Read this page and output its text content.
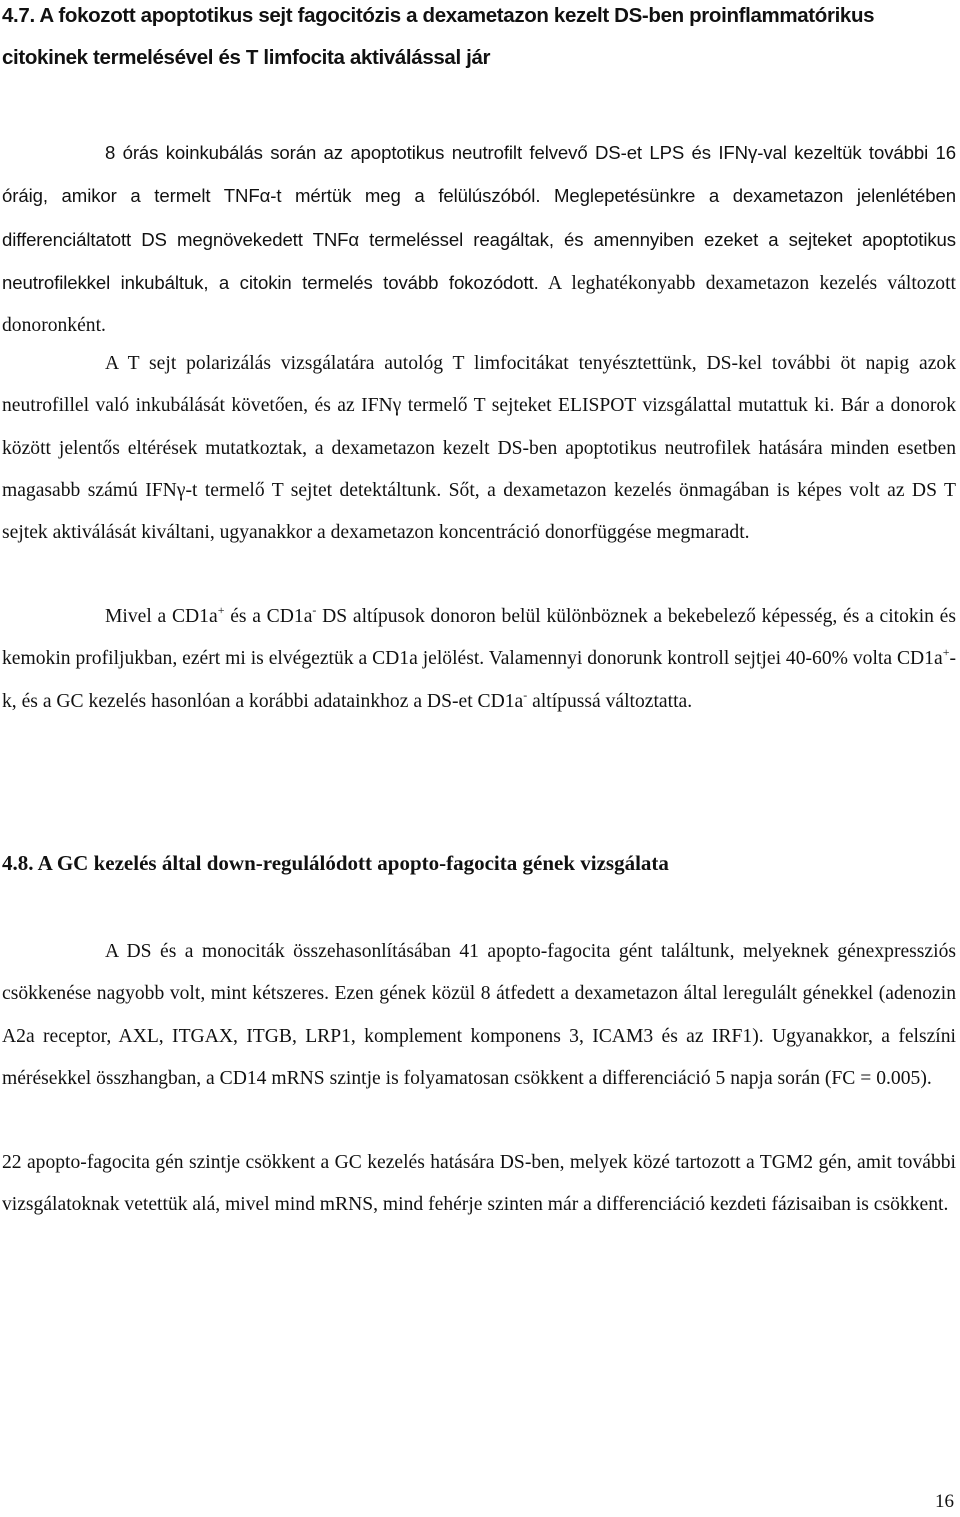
4.7. A fokozott apoptotikus sejt fagocitózis a dexametazon kezelt DS-ben proinflammatórikus
citokinek termelésével és T limfocita aktiválással jár

8 órás koinkubálás során az apoptotikus neutrofilt felvevő DS-et LPS és IFNγ-val kezeltük további 16 óráig, amikor a termelt TNFα-t mértük meg a felülúszóból. Meglepetésünkre a dexametazon jelenlétében differenciáltatott DS megnövekedett TNFα termeléssel reagáltak, és amennyiben ezeket a sejteket apoptotikus neutrofilekkel inkubáltuk, a citokin termelés tovább fokozódott. A leghatékonyabb dexametazon kezelés változott donoronként.

A T sejt polarizálás vizsgálatára autológ T limfocitákat tenyésztettünk, DS-kel további öt napig azok neutrofillel való inkubálását követően, és az IFNγ termelő T sejteket ELISPOT vizsgálattal mutattuk ki. Bár a donorok között jelentős eltérések mutatkoztak, a dexametazon kezelt DS-ben apoptotikus neutrofilek hatására minden esetben magasabb számú IFNγ-t termelő T sejtet detektáltunk. Sőt, a dexametazon kezelés önmagában is képes volt az DS T sejtek aktiválását kiváltani, ugyanakkor a dexametazon koncentráció donorfüggése megmaradt.

Mivel a CD1a+ és a CD1a- DS altípusok donoron belül különböznek a bekebelező képesség, és a citokin és kemokin profiljukban, ezért mi is elvégeztük a CD1a jelölést. Valamennyi donorunk kontroll sejtjei 40-60% volta CD1a+-k, és a GC kezelés hasonlóan a korábbi adatainkhoz a DS-et CD1a- altípussá változtatta.

4.8. A GC kezelés által down-regulálódott apopto-fagocita gének vizsgálata

A DS és a monociták összehasonlításában 41 apopto-fagocita gént találtunk, melyeknek génexpressziós csökkenése nagyobb volt, mint kétszeres. Ezen gének közül 8 átfedett a dexametazon által leregulált génekkel (adenozin A2a receptor, AXL, ITGAX, ITGB, LRP1, komplement komponens 3, ICAM3 és az IRF1). Ugyanakkor, a felszíni mérésekkel összhangban, a CD14 mRNS szintje is folyamatosan csökkent a differenciáció 5 napja során (FC = 0.005).

22 apopto-fagocita gén szintje csökkent a GC kezelés hatására DS-ben, melyek közé tartozott a TGM2 gén, amit további vizsgálatoknak vetettük alá, mivel mind mRNS, mind fehérje szinten már a differenciáció kezdeti fázisaiban is csökkent.

16
